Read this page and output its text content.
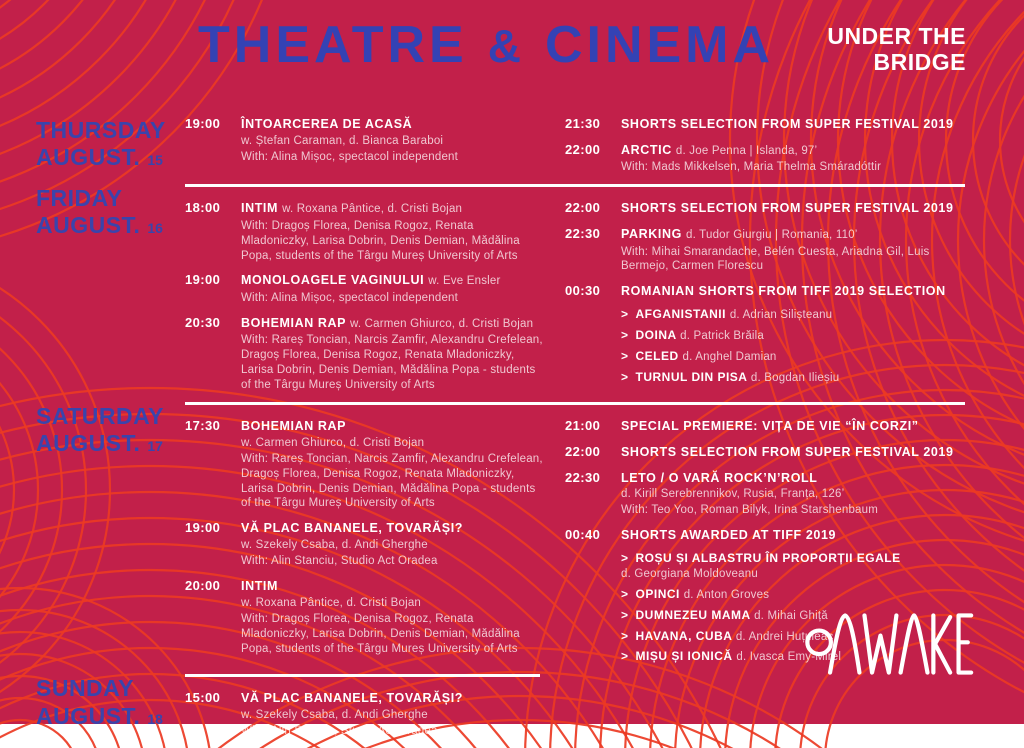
THEATRE & CINEMA UNDER THE
BRIDGE
THURSDAY
AUGUST. 15
19:00	ÎNTOARCEREA DE ACASĂ
w. Ștefan Caraman, d. Bianca Baraboi
With: Alina Mișoc, spectacol independent
21:30	SHORTS SELECTION FROM SUPER FESTIVAL 2019
22:00	ARCTIC d. Joe Penna | Islanda, 97’
With: Mads Mikkelsen, Maria Thelma Smáradóttir
FRIDAY
AUGUST. 16
18:00	INTIM w. Roxana Pântice, d. Cristi Bojan
With: Dragoș Florea, Denisa Rogoz, Renata Mladoniczky, Larisa Dobrin, Denis Demian, Mădălina Popa, students of the Târgu Mureș University of Arts
19:00	MONOLOAGELE VAGINULUI w. Eve Ensler
With: Alina Mișoc, spectacol independent
20:30	BOHEMIAN RAP w. Carmen Ghiurco, d. Cristi Bojan
With: Rareș Toncian, Narcis Zamfir, Alexandru Crefelean, Dragoș Florea, Denisa Rogoz, Renata Mladoniczky, Larisa Dobrin, Denis Demian, Mădălina Popa - students of the Târgu Mureș University of Arts
22:00	SHORTS SELECTION FROM SUPER FESTIVAL 2019
22:30	PARKING d. Tudor Giurgiu | Romania, 110’
With: Mihai Smarandache, Belén Cuesta, Ariadna Gil, Luis Bermejo, Carmen Florescu
00:30	ROMANIAN SHORTS FROM TIFF 2019 SELECTION
> AFGANISTANII d. Adrian Silișteanu
> DOINA d. Patrick Brăila
> CELED d. Anghel Damian
> TURNUL DIN PISA d. Bogdan Ilieșiu
SATURDAY
AUGUST. 17
17:30	BOHEMIAN RAP
w. Carmen Ghiurco, d. Cristi Bojan
With: Rareș Toncian, Narcis Zamfir, Alexandru Crefelean, Dragoș Florea, Denisa Rogoz, Renata Mladoniczky, Larisa Dobrin, Denis Demian, Mădălina Popa - students of the Târgu Mureș University of Arts
19:00	VĂ PLAC BANANELE, TOVARĂȘI?
w. Szekely Csaba, d. Andi Gherghe
With: Alin Stanciu, Studio Act Oradea
20:00	INTIM
w. Roxana Pântice, d. Cristi Bojan
With: Dragoș Florea, Denisa Rogoz, Renata Mladoniczky, Larisa Dobrin, Denis Demian, Mădălina Popa, students of the Târgu Mureș University of Arts
21:00	SPECIAL PREMIERE: VIȚA DE VIE “ÎN CORZI”
22:00	SHORTS SELECTION FROM SUPER FESTIVAL 2019
22:30	LETO / O VARĂ ROCK’N’ROLL
d. Kirill Serebrennikov, Rusia, Franța, 126’
With: Teo Yoo, Roman Bilyk, Irina Starshenbaum
00:40	SHORTS AWARDED AT TIFF 2019
> ROȘU ȘI ALBASTRU ÎN PROPORȚII EGALE
d. Georgiana Moldoveanu
> OPINCI d. Anton Groves
> DUMNEZEU MAMA d. Mihai Ghiță
> HAVANA, CUBA d. Andrei Huțuleac
> MIȘU ȘI IONICĂ d. Ivasca Emy-Mirel
SUNDAY
AUGUST. 18
15:00	VĂ PLAC BANANELE, TOVARĂȘI?
w. Szekely Csaba, d. Andi Gherghe
With: Alin Stanciu, Studio Act Oradea
